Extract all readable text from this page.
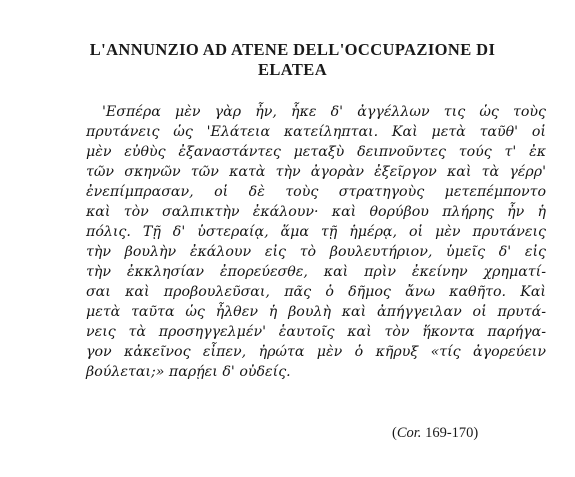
L'ANNUNZIO AD ATENE DELL'OCCUPAZIONE DI
ELATEA
'Εσπέρα μὲν γὰρ ἦν, ἧκε δ' ἀγγέλλων τις ὡς τοὺς
πρυτάνεις ὡς 'Ελάτεια κατείληπται. Καὶ μετὰ ταῦθ' οἱ
μὲν εὐθὺς ἐξαναστάντες μεταξὺ δειπνοῦντες τούς τ' ἐκ
τῶν σκηνῶν τῶν κατὰ τὴν ἀγορὰν ἐξεῖργον καὶ τὰ γέρρ'
ἐνεπίμπρασαν, οἱ δὲ τοὺς στρατηγοὺς μετεπέμποντο
καὶ τὸν σαλπικτὴν ἐκάλουν· καὶ θορύβου πλήρης ἦν ἡ
πόλις. Τῇ δ' ὑστεραίᾳ, ἅμα τῇ ἡμέρᾳ, οἱ μὲν πρυτάνεις
τὴν βουλὴν ἐκάλουν εἰς τὸ βουλευτήριον, ὑμεῖς δ' εἰς
τὴν ἐκκλησίαν ἐπορεύεσθε, καὶ πρὶν ἐκείνην χρηματί-
σαι καὶ προβουλεῦσαι, πᾶς ὁ δῆμος ἄνω καθῆτο. Καὶ
μετὰ ταῦτα ὡς ἦλθεν ἡ βουλὴ καὶ ἀπήγγειλαν οἱ πρυτά-
νεις τὰ προσηγγελμέν' ἑαυτοῖς καὶ τὸν ἥκοντα παρήγα-
γον κἀκεῖνος εἶπεν, ἠρώτα μὲν ὁ κῆρυξ «τίς ἀγορεύειν
βούλεται;» παρῄει δ' οὐδείς.
(Cor. 169-170)
